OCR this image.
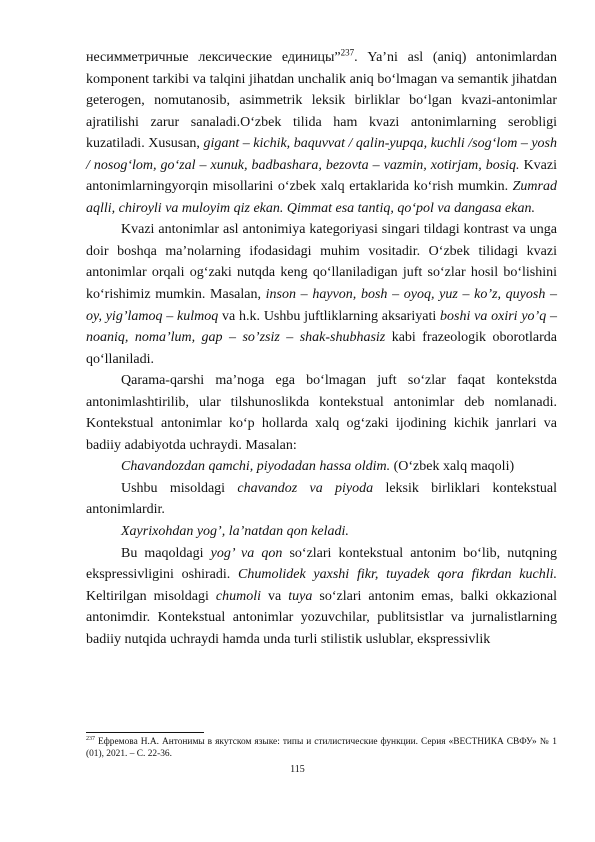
несимметричные лексические единицы”$^{237}$. Ya’ni asl (aniq) antonimlardan komponent tarkibi va talqini jihatdan unchalik aniq bo‘lmagan va semantik jihatdan geterogen, nomutanosib, asimmetrik leksik birliklar bo‘lgan kvazi-antonimlar ajratilishi zarur sanaladi.O‘zbek tilida ham kvazi antonimlarning serobligi kuzatiladi. Xususan, gigant – kichik, baquvvat / qalin-yupqa, kuchli /sog‘lom – yosh / nosog‘lom, go‘zal – xunuk, badbashara, bezovta – vazmin, xotirjam, bosiq. Kvazi antonimlarningyorqin misollarini o‘zbek xalq ertaklarida ko‘rish mumkin. Zumrad aqlli, chiroyli va muloyim qiz ekan. Qimmat esa tantiq, qo‘pol va dangasa ekan.

Kvazi antonimlar asl antonimiya kategoriyasi singari tildagi kontrast va unga doir boshqa ma’nolarning ifodasidagi muhim vositadir. O‘zbek tilidagi kvazi antonimlar orqali og‘zaki nutqda keng qo‘llaniladigan juft so‘zlar hosil bo‘lishini ko‘rishimiz mumkin. Masalan, inson – hayvon, bosh – oyoq, yuz – ko’z, quyosh – oy, yig’lamoq – kulmoq va h.k. Ushbu juftliklarning aksariyati boshi va oxiri yo’q – noaniq, noma’lum, gap – so’zsiz – shak-shubhasiz kabi frazeologik oborotlarda qo‘llaniladi.

Qarama-qarshi ma’noga ega bo‘lmagan juft so‘zlar faqat kontekstda antonimlashtirilib, ular tilshunoslikda kontekstual antonimlar deb nomlanadi. Kontekstual antonimlar ko‘p hollarda xalq og‘zaki ijodining kichik janrlari va badiiy adabiyotda uchraydi. Masalan:

Chavandozdan qamchi, piyodadan hassa oldim. (O‘zbek xalq maqoli)

Ushbu misoldagi chavandoz va piyoda leksik birliklari kontekstual antonimlardir.

Xayrixohdan yog’, la’natdan qon keladi.

Bu maqoldagi yog’ va qon so‘zlari kontekstual antonim bo‘lib, nutqning ekspressivligini oshiradi. Chumolidek yaxshi fikr, tuyadek qora fikrdan kuchli. Keltirilgan misoldagi chumoli va tuya so‘zlari antonim emas, balki okkazional antonimdir. Kontekstual antonimlar yozuvchilar, publitsistlar va jurnalistlarning badiiy nutqida uchraydi hamda unda turli stilistik uslublar, ekspressivlik

$^{237}$ Ефремова Н.А. Антонимы в якутском языке: типы и стилистические функции. Серия «ВЕСТНИКА СВФУ» № 1 (01), 2021. – С. 22-36.

115
